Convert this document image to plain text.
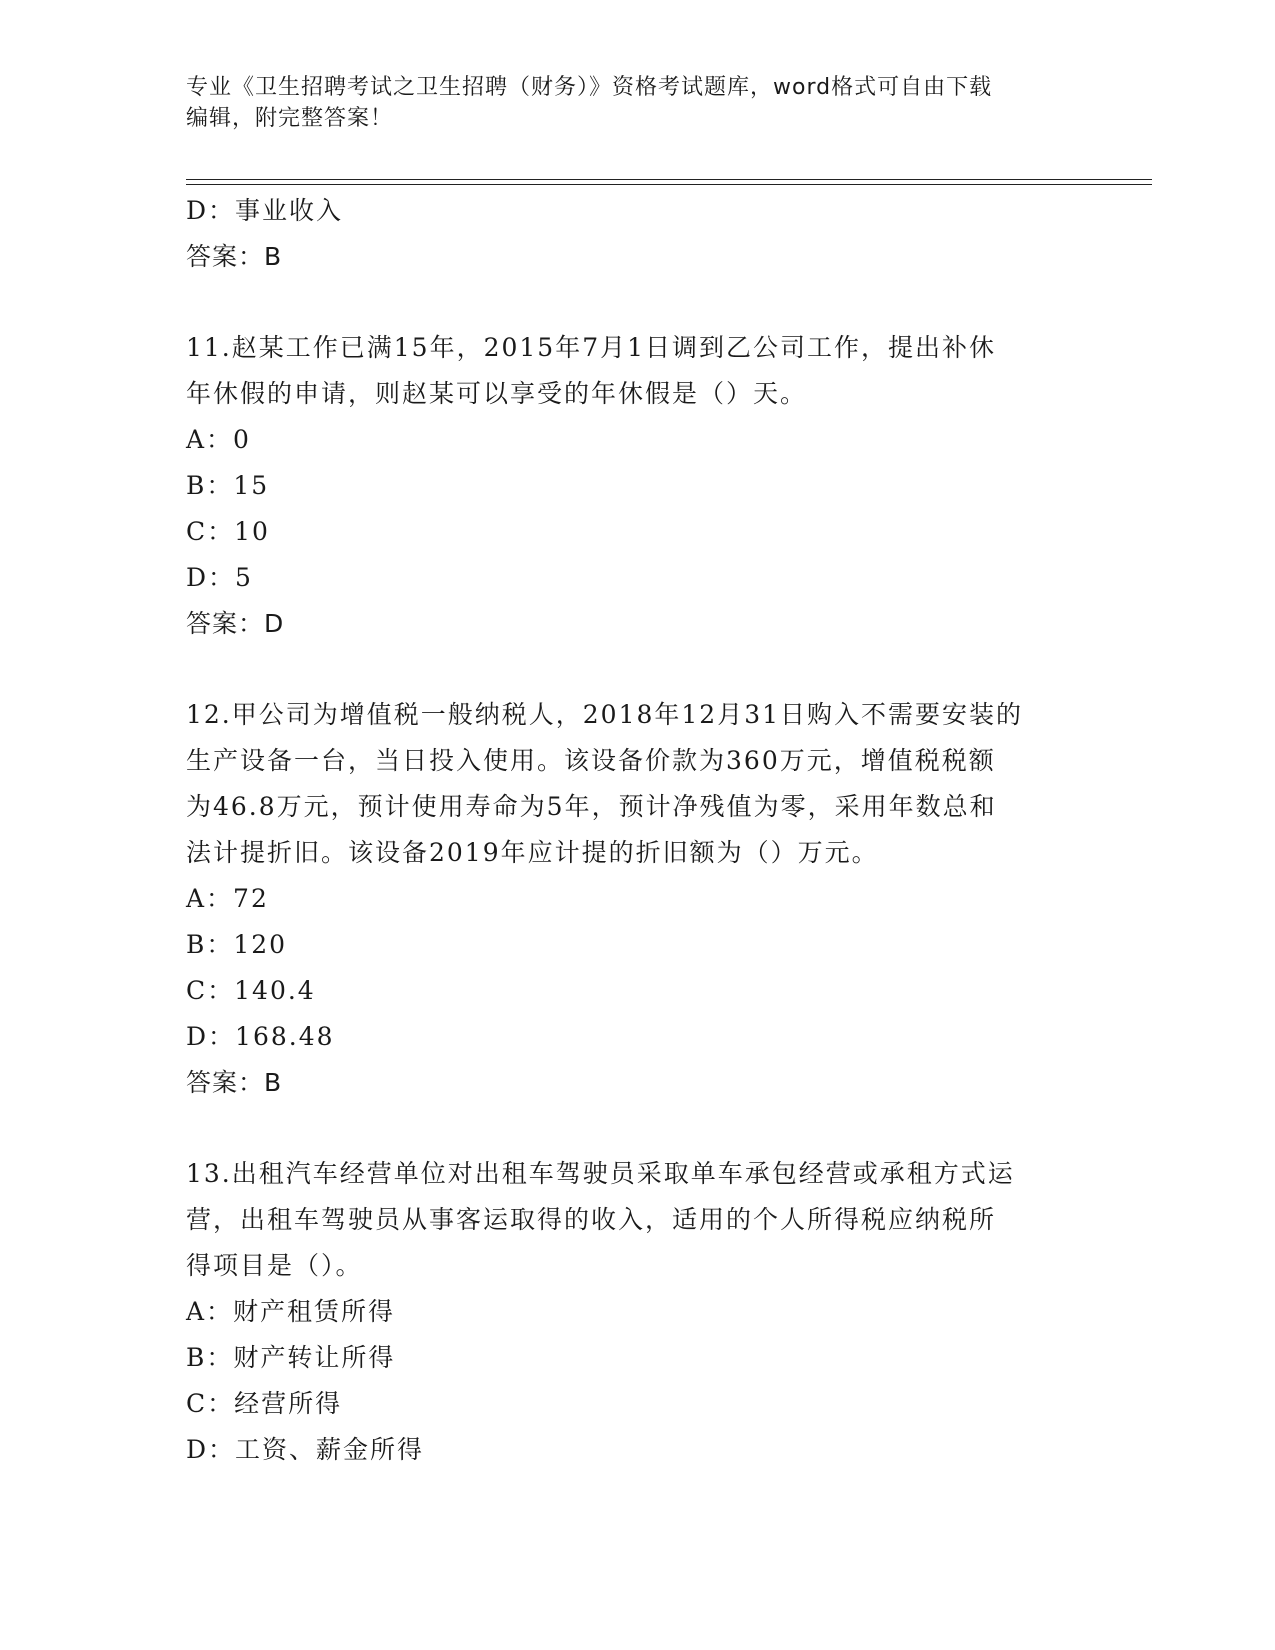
专业《卫生招聘考试之卫生招聘（财务）》资格考试题库，word格式可自由下载
编辑，附完整答案！
D：事业收入
答案：B
11.赵某工作已满15年，2015年7月1日调到乙公司工作，提出补休
年休假的申请，则赵某可以享受的年休假是（）天。
A：0
B：15
C：10
D：5
答案：D
12.甲公司为增值税一般纳税人，2018年12月31日购入不需要安装的
生产设备一台，当日投入使用。该设备价款为360万元，增值税税额
为46.8万元，预计使用寿命为5年，预计净残值为零，采用年数总和
法计提折旧。该设备2019年应计提的折旧额为（）万元。
A：72
B：120
C：140.4
D：168.48
答案：B
13.出租汽车经营单位对出租车驾驶员采取单车承包经营或承租方式运
营，出租车驾驶员从事客运取得的收入，适用的个人所得税应纳税所
得项目是（）。
A：财产租赁所得
B：财产转让所得
C：经营所得
D：工资、薪金所得
